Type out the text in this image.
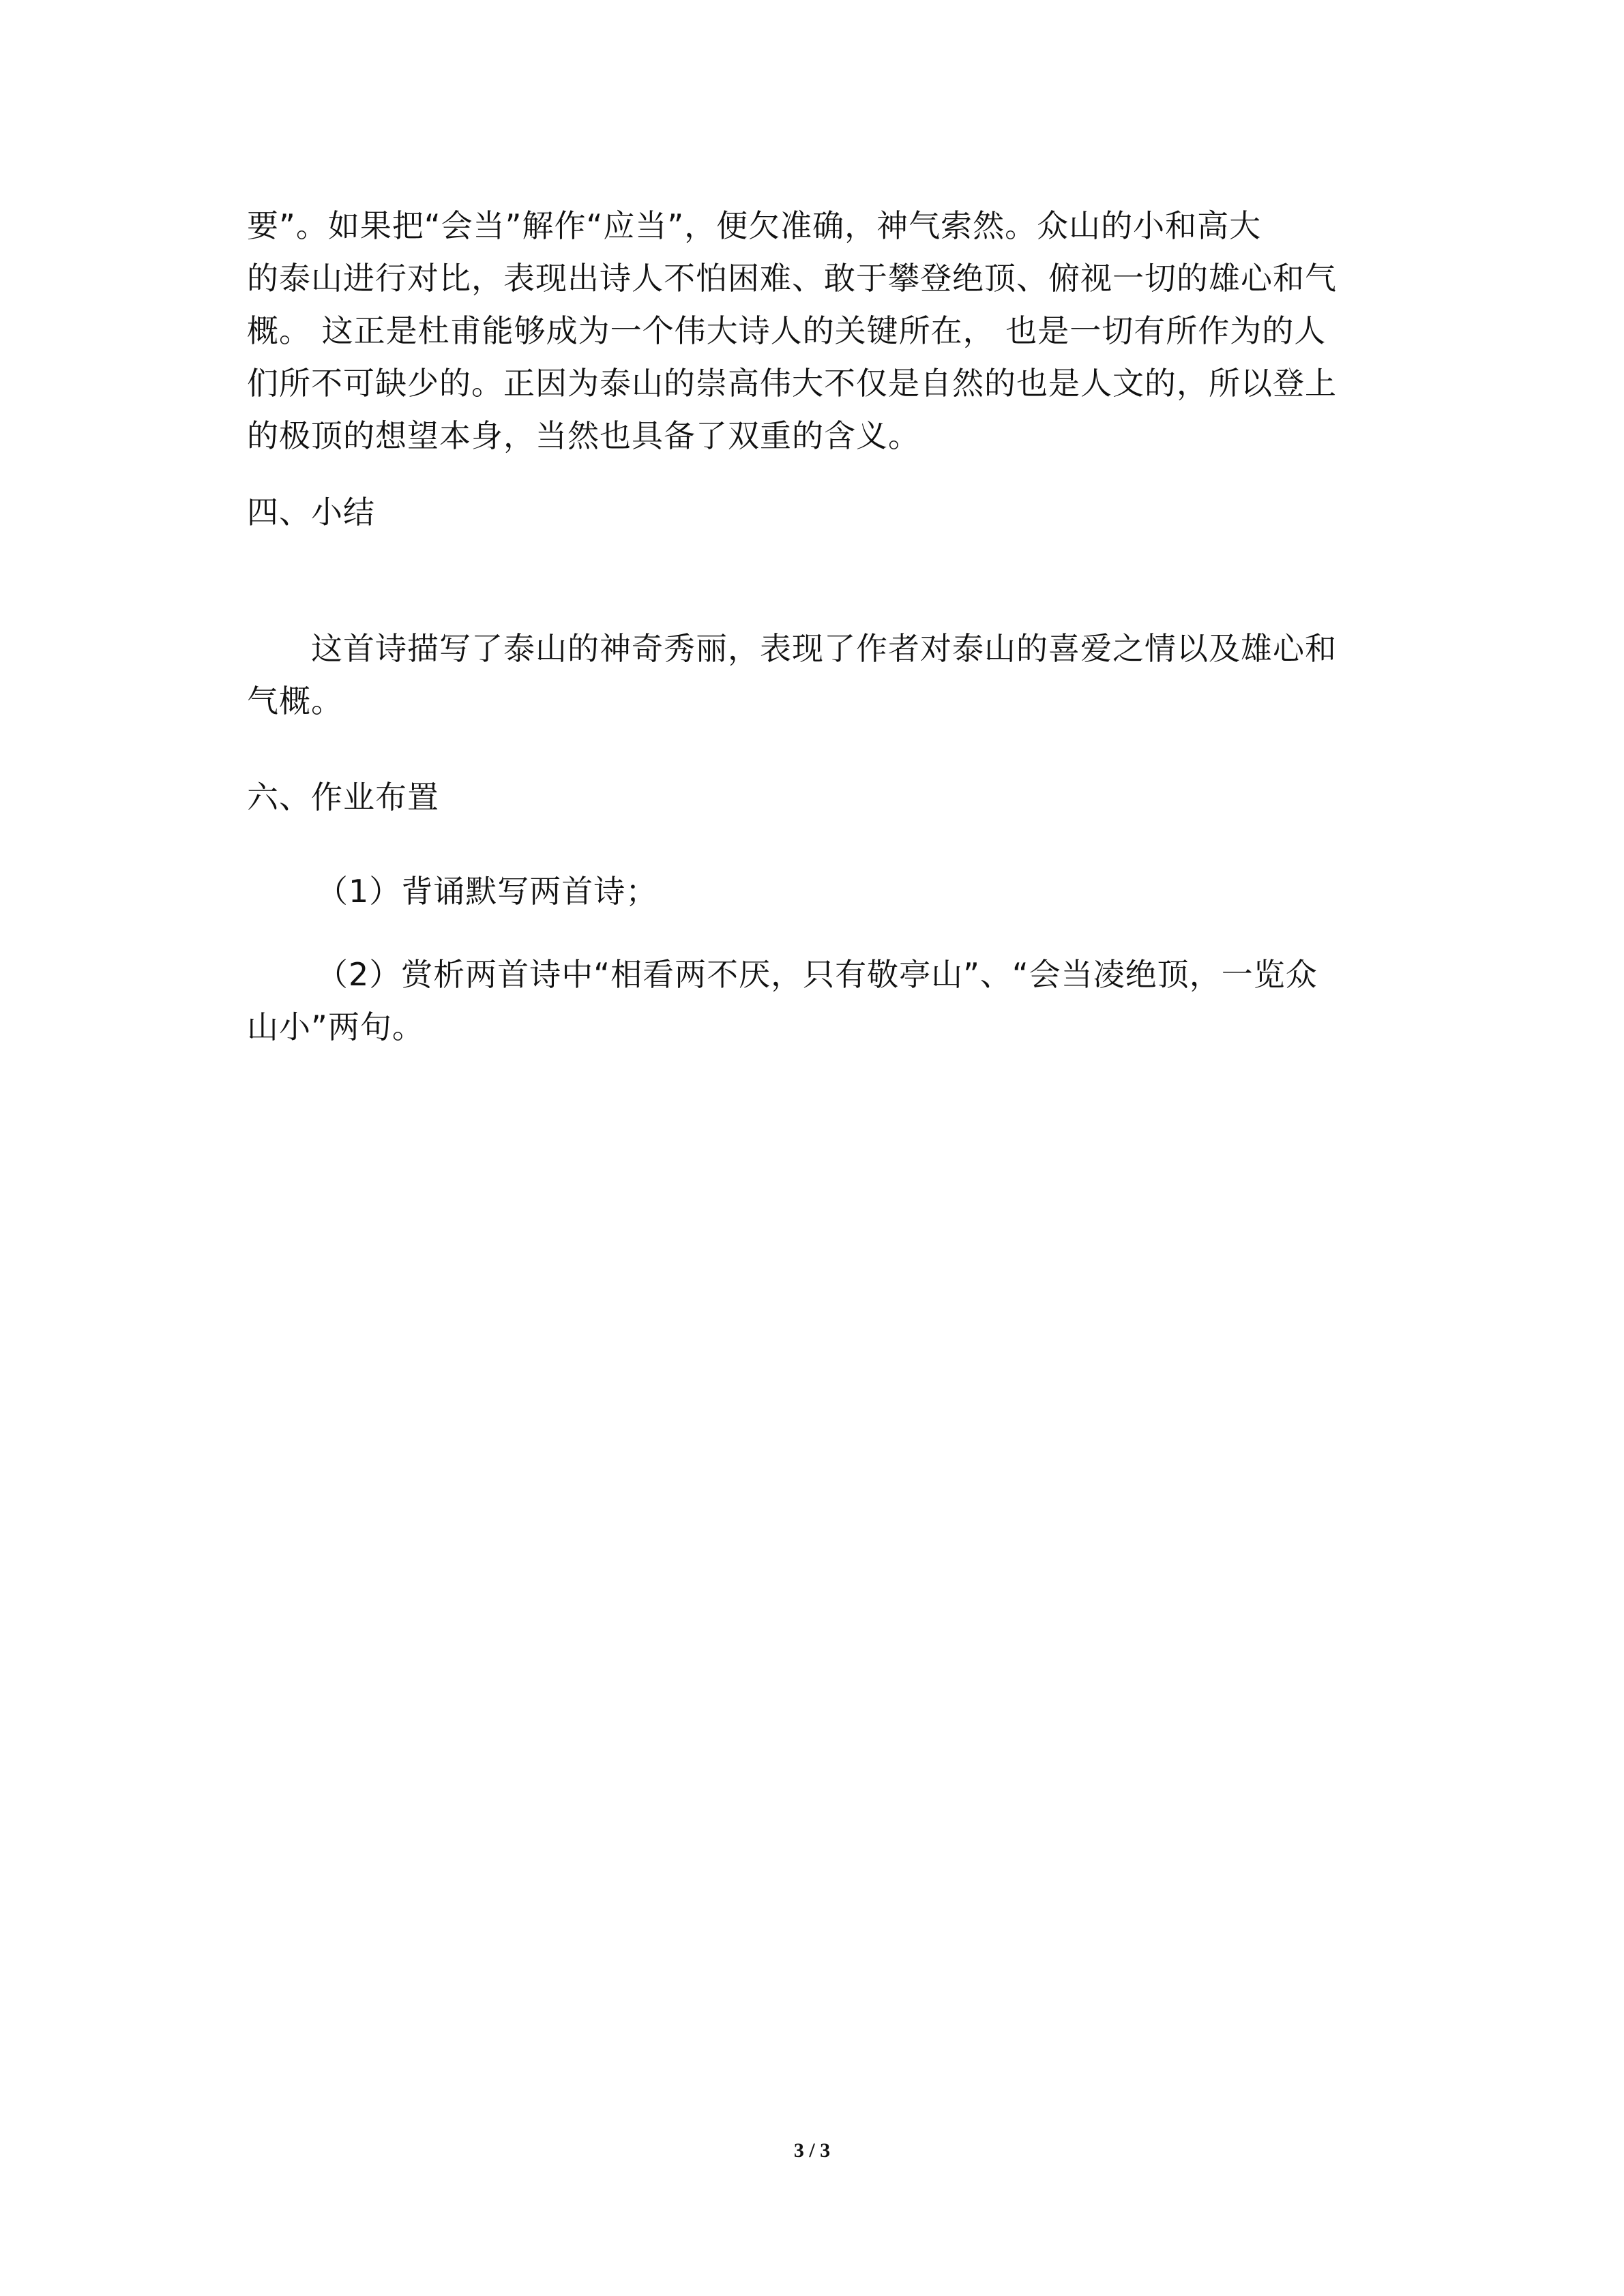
要”。如果把“会当”解作“应当”，便欠准确，神气索然。众山的小和高大
的泰山进行对比，表现出诗人不怕困难、敢于攀登绝顶、俯视一切的雄心和气
概。 这正是杜甫能够成为一个伟大诗人的关键所在， 也是一切有所作为的人
们所不可缺少的。正因为泰山的崇高伟大不仅是自然的也是人文的，所以登上
的极顶的想望本身，当然也具备了双重的含义。
四、小结
这首诗描写了泰山的神奇秀丽，表现了作者对泰山的喜爱之情以及雄心和
气概。
六、作业布置
（1）背诵默写两首诗；
（2）赏析两首诗中“相看两不厌，只有敬亭山”、“会当凌绝顶，一览众
山小”两句。
3 / 3
